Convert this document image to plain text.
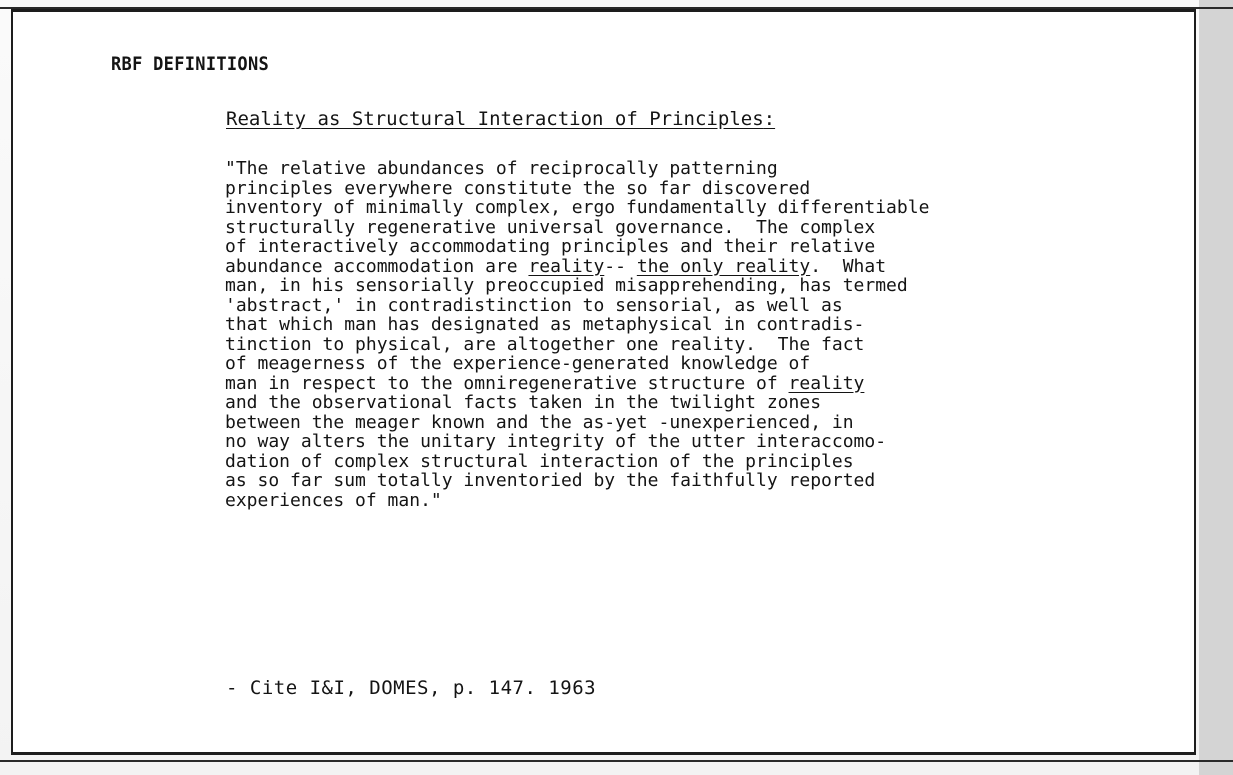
RBF DEFINITIONS
Reality as Structural Interaction of Principles:
"The relative abundances of reciprocally patterning
principles everywhere constitute the so far discovered
inventory of minimally complex, ergo fundamentally differentiable
structurally regenerative universal governance.  The complex
of interactively accommodating principles and their relative
abundance accommodation are reality-- the only reality.  What
man, in his sensorially preoccupied misapprehending, has termed
'abstract,' in contradistinction to sensorial, as well as
that which man has designated as metaphysical in contradis-
tinction to physical, are altogether one reality.  The fact
of meagerness of the experience-generated knowledge of
man in respect to the omniregenerative structure of reality
and the observational facts taken in the twilight zones
between the meager known and the as-yet -unexperienced, in
no way alters the unitary integrity of the utter interaccomo-
dation of complex structural interaction of the principles
as so far sum totally inventoried by the faithfully reported
experiences of man."
- Cite I&I, DOMES, p. 147. 1963
